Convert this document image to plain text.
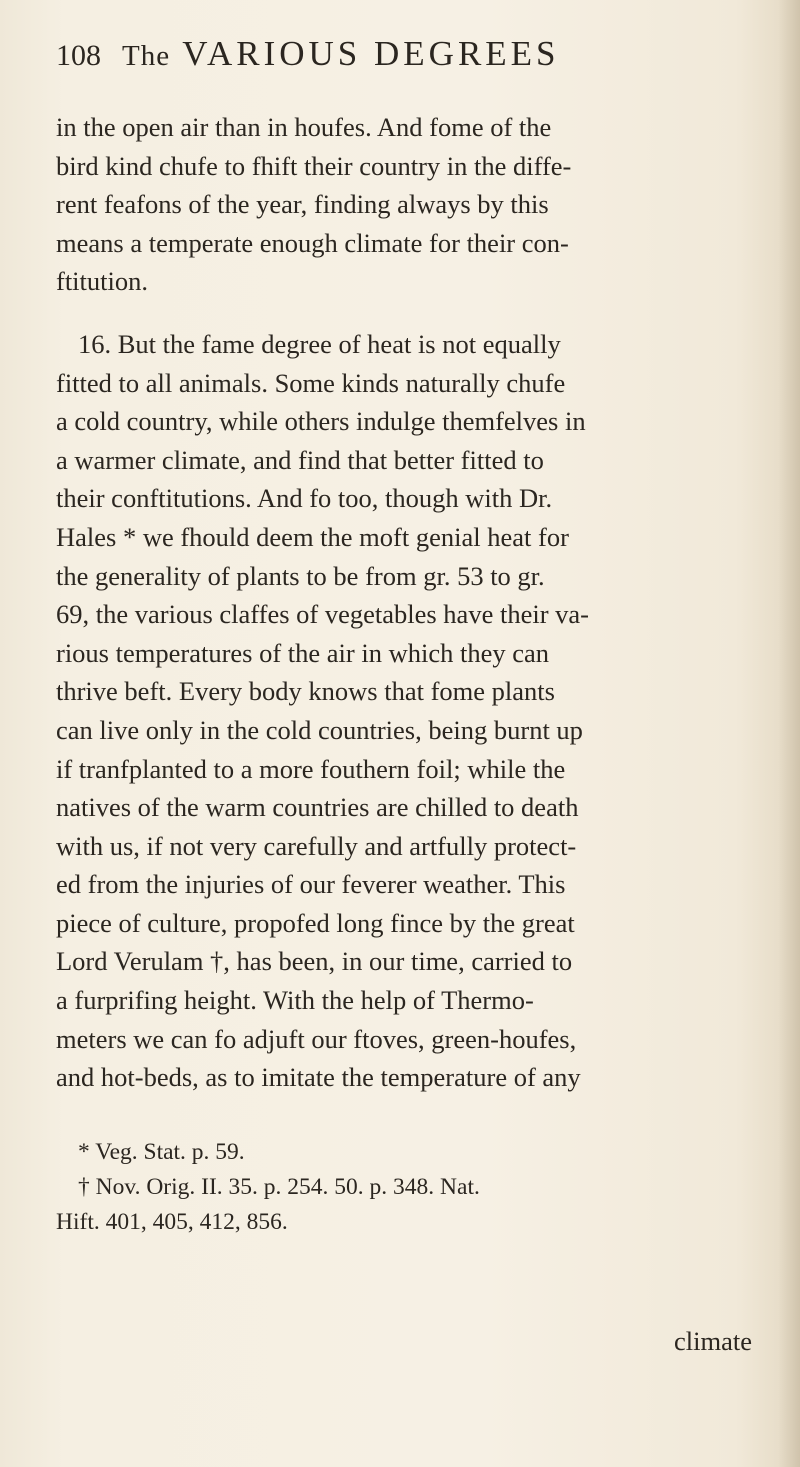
108 The VARIOUS DEGREES

in the open air than in houfes. And fome of the
bird kind chufe to fhift their country in the diffe-
rent feafons of the year, finding always by this
means a temperate enough climate for their con-
ftitution.

16. But the fame degree of heat is not equally
fitted to all animals. Some kinds naturally chufe
a cold country, while others indulge themfelves in
a warmer climate, and find that better fitted to
their conftitutions. And fo too, though with Dr.
Hales * we fhould deem the moft genial heat for
the generality of plants to be from gr. 53 to gr.
69, the various claffes of vegetables have their va-
rious temperatures of the air in which they can
thrive beft. Every body knows that fome plants
can live only in the cold countries, being burnt up
if tranfplanted to a more fouthern foil; while the
natives of the warm countries are chilled to death
with us, if not very carefully and artfully protect-
ed from the injuries of our feverer weather. This
piece of culture, propofed long fince by the great
Lord Verulam †, has been, in our time, carried to
a furprifing height. With the help of Thermo-
meters we can fo adjuft our ftoves, green-houfes,
and hot-beds, as to imitate the temperature of any

* Veg. Stat. p. 59.
† Nov. Orig. II. 35. p. 254. 50. p. 348. Nat.
Hift. 401, 405, 412, 856.
climate
